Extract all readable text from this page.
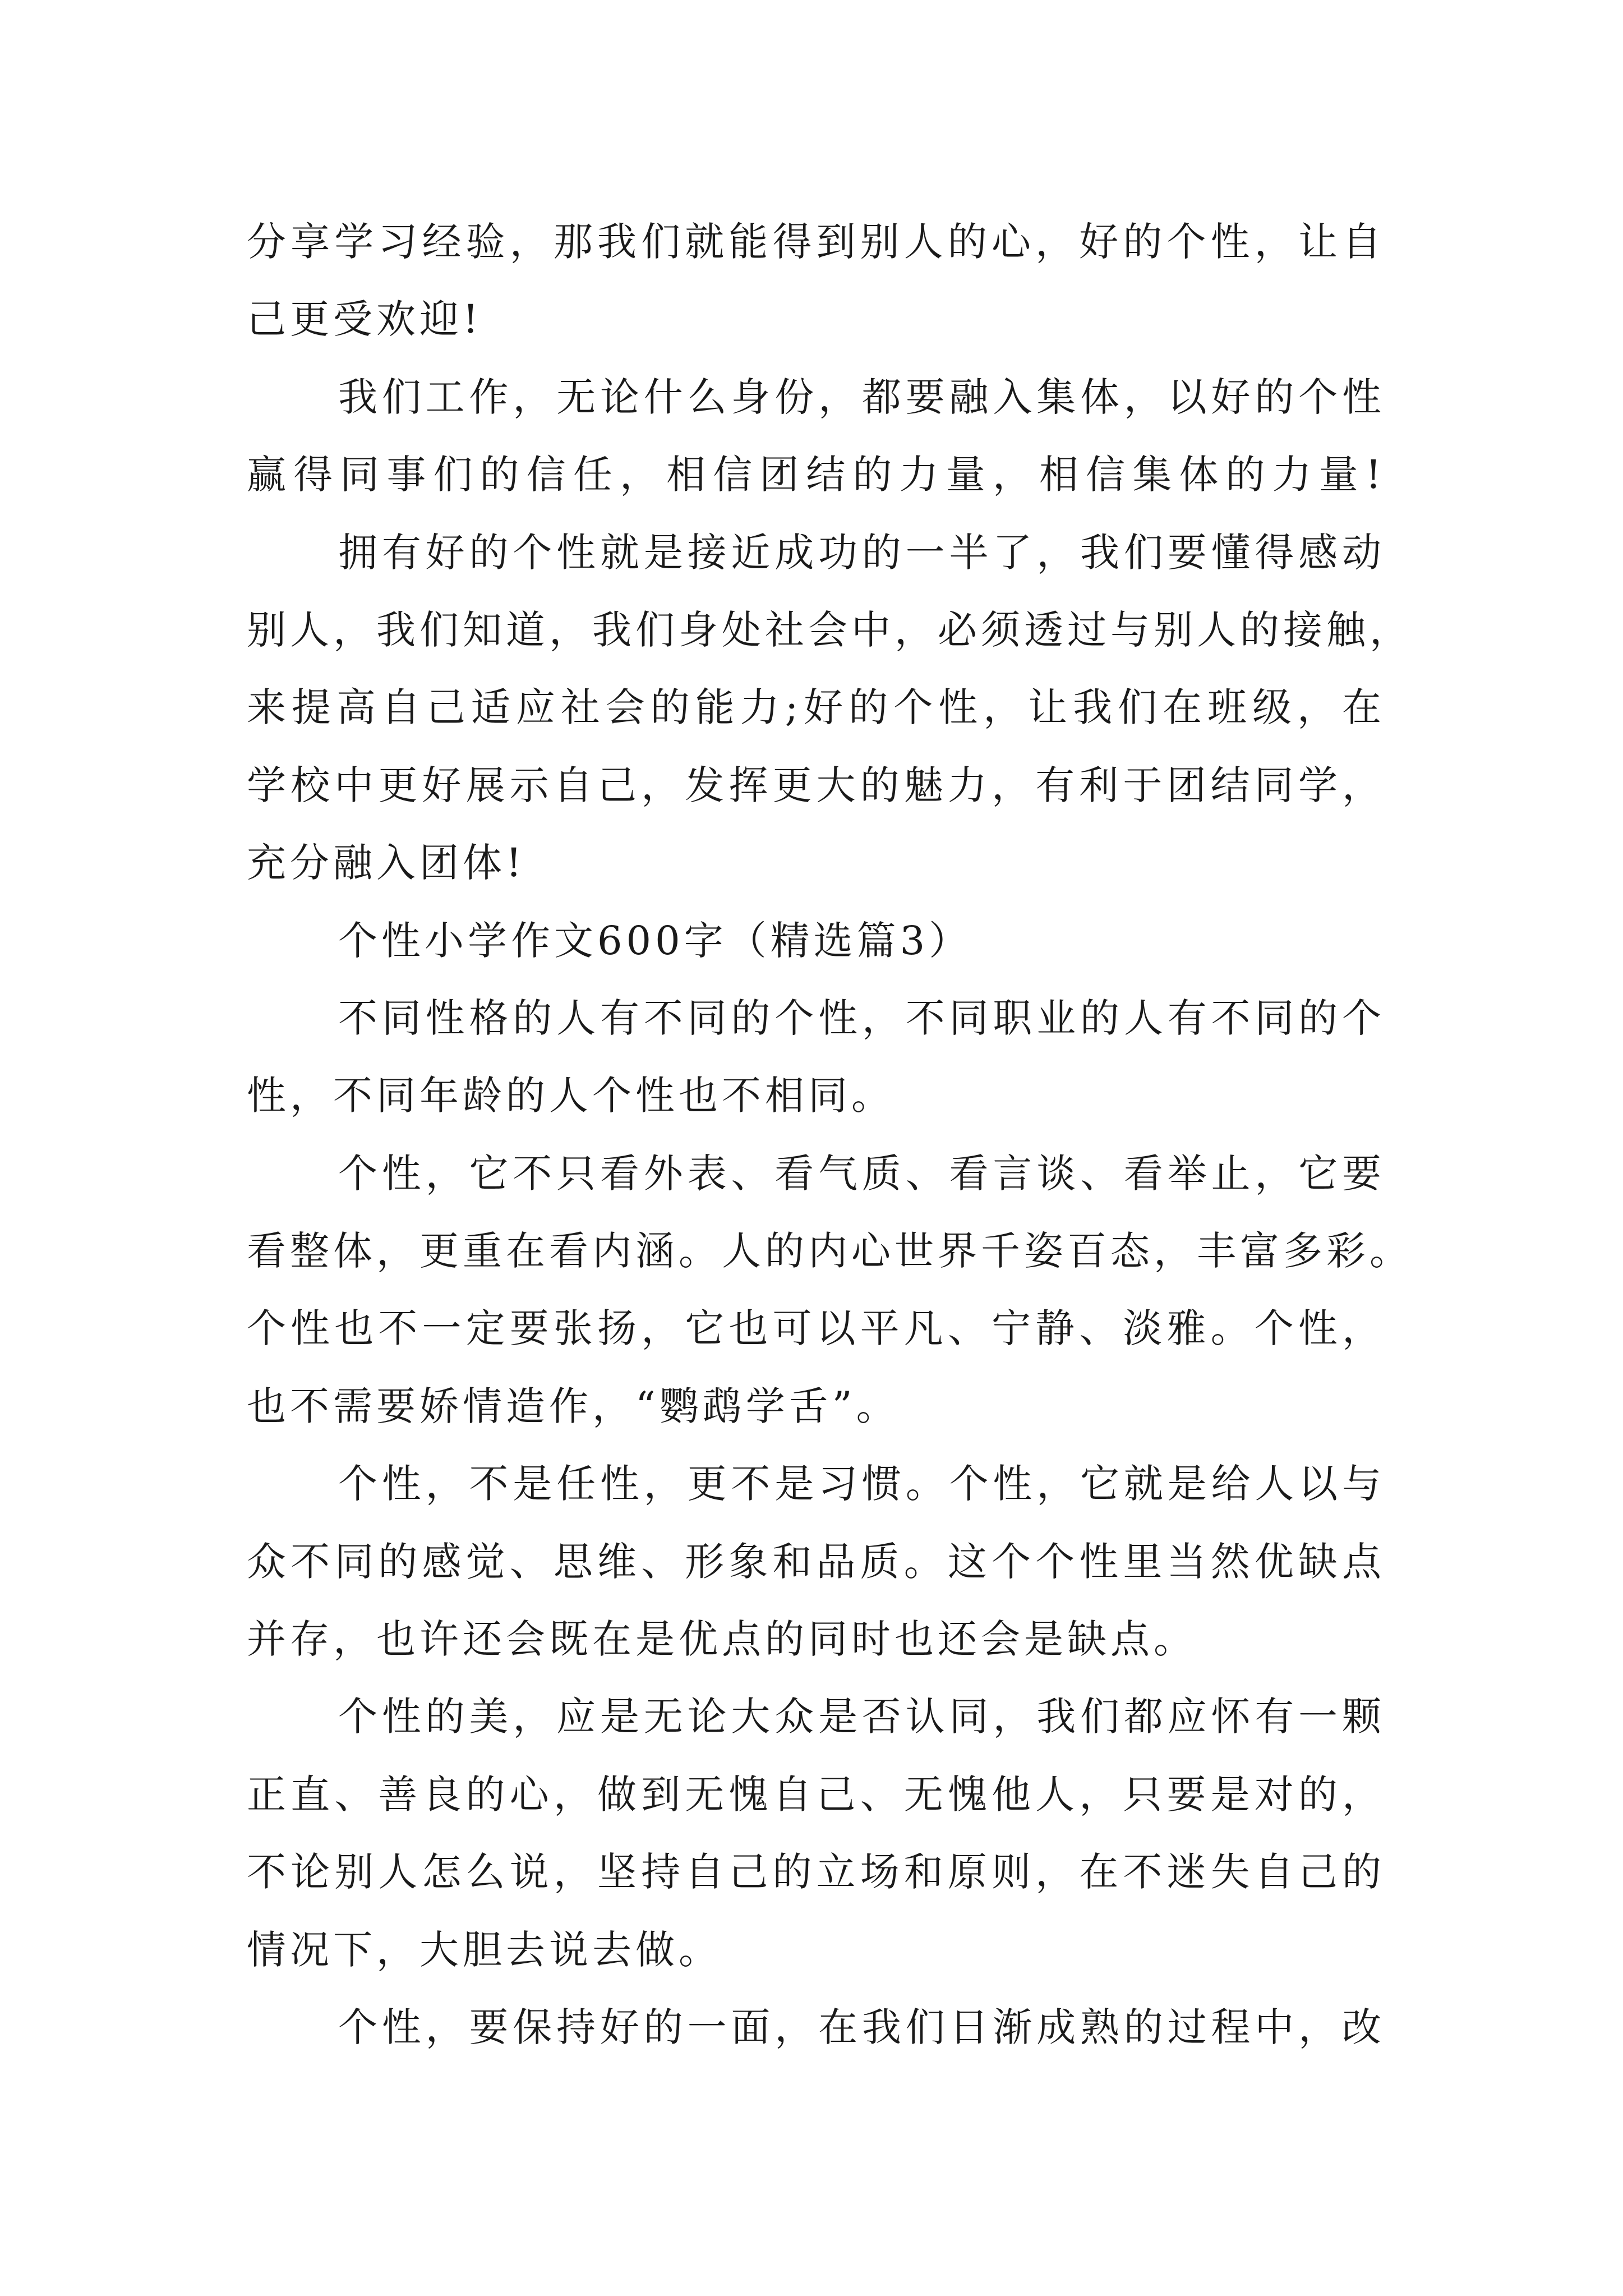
分享学习经验，那我们就能得到别人的心，好的个性，让自
己更受欢迎!
我们工作，无论什么身份，都要融入集体，以好的个性
赢得同事们的信任，相信团结的力量，相信集体的力量!
拥有好的个性就是接近成功的一半了，我们要懂得感动
别人，我们知道，我们身处社会中，必须透过与别人的接触，
来提高自己适应社会的能力;好的个性，让我们在班级，在
学校中更好展示自己，发挥更大的魅力，有利于团结同学，
充分融入团体!
个性小学作文600字（精选篇3）
不同性格的人有不同的个性，不同职业的人有不同的个
性，不同年龄的人个性也不相同。
个性，它不只看外表、看气质、看言谈、看举止，它要
看整体，更重在看内涵。人的内心世界千姿百态，丰富多彩。
个性也不一定要张扬，它也可以平凡、宁静、淡雅。个性，
也不需要娇情造作，“鹦鹉学舌”。
个性，不是任性，更不是习惯。个性，它就是给人以与
众不同的感觉、思维、形象和品质。这个个性里当然优缺点
并存，也许还会既在是优点的同时也还会是缺点。
个性的美，应是无论大众是否认同，我们都应怀有一颗
正直、善良的心，做到无愧自己、无愧他人，只要是对的，
不论别人怎么说，坚持自己的立场和原则，在不迷失自己的
情况下，大胆去说去做。
个性，要保持好的一面，在我们日渐成熟的过程中，改
